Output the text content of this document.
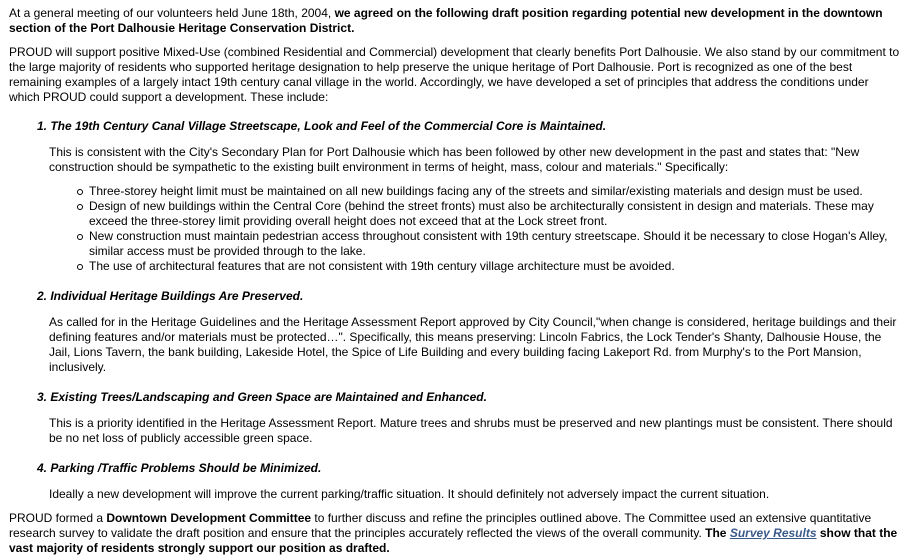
At a general meeting of our volunteers held June 18th, 2004, we agreed on the following draft position regarding potential new development in the downtown section of the Port Dalhousie Heritage Conservation District.

PROUD will support positive Mixed-Use (combined Residential and Commercial) development that clearly benefits Port Dalhousie. We also stand by our commitment to the large majority of residents who supported heritage designation to help preserve the unique heritage of Port Dalhousie. Port is recognized as one of the best remaining examples of a largely intact 19th century canal village in the world. Accordingly, we have developed a set of principles that address the conditions under which PROUD could support a development. These include:

1. The 19th Century Canal Village Streetscape, Look and Feel of the Commercial Core is Maintained.

This is consistent with the City's Secondary Plan for Port Dalhousie which has been followed by other new development in the past and states that: "New construction should be sympathetic to the existing built environment in terms of height, mass, colour and materials." Specifically:

Three-storey height limit must be maintained on all new buildings facing any of the streets and similar/existing materials and design must be used.
Design of new buildings within the Central Core (behind the street fronts) must also be architecturally consistent in design and materials. These may exceed the three-storey limit providing overall height does not exceed that at the Lock street front.
New construction must maintain pedestrian access throughout consistent with 19th century streetscape. Should it be necessary to close Hogan's Alley, similar access must be provided through to the lake.
The use of architectural features that are not consistent with 19th century village architecture must be avoided.
2. Individual Heritage Buildings Are Preserved.

As called for in the Heritage Guidelines and the Heritage Assessment Report approved by City Council,"when change is considered, heritage buildings and their defining features and/or materials must be protected…". Specifically, this means preserving: Lincoln Fabrics, the Lock Tender's Shanty, Dalhousie House, the Jail, Lions Tavern, the bank building, Lakeside Hotel, the Spice of Life Building and every building facing Lakeport Rd. from Murphy's to the Port Mansion, inclusively.

3. Existing Trees/Landscaping and Green Space are Maintained and Enhanced.

This is a priority identified in the Heritage Assessment Report. Mature trees and shrubs must be preserved and new plantings must be consistent. There should be no net loss of publicly accessible green space.

4. Parking /Traffic Problems Should be Minimized.

Ideally a new development will improve the current parking/traffic situation. It should definitely not adversely impact the current situation.

PROUD formed a Downtown Development Committee to further discuss and refine the principles outlined above. The Committee used an extensive quantitative research survey to validate the draft position and ensure that the principles accurately reflected the views of the overall community. The Survey Results show that the vast majority of residents strongly support our position as drafted.
